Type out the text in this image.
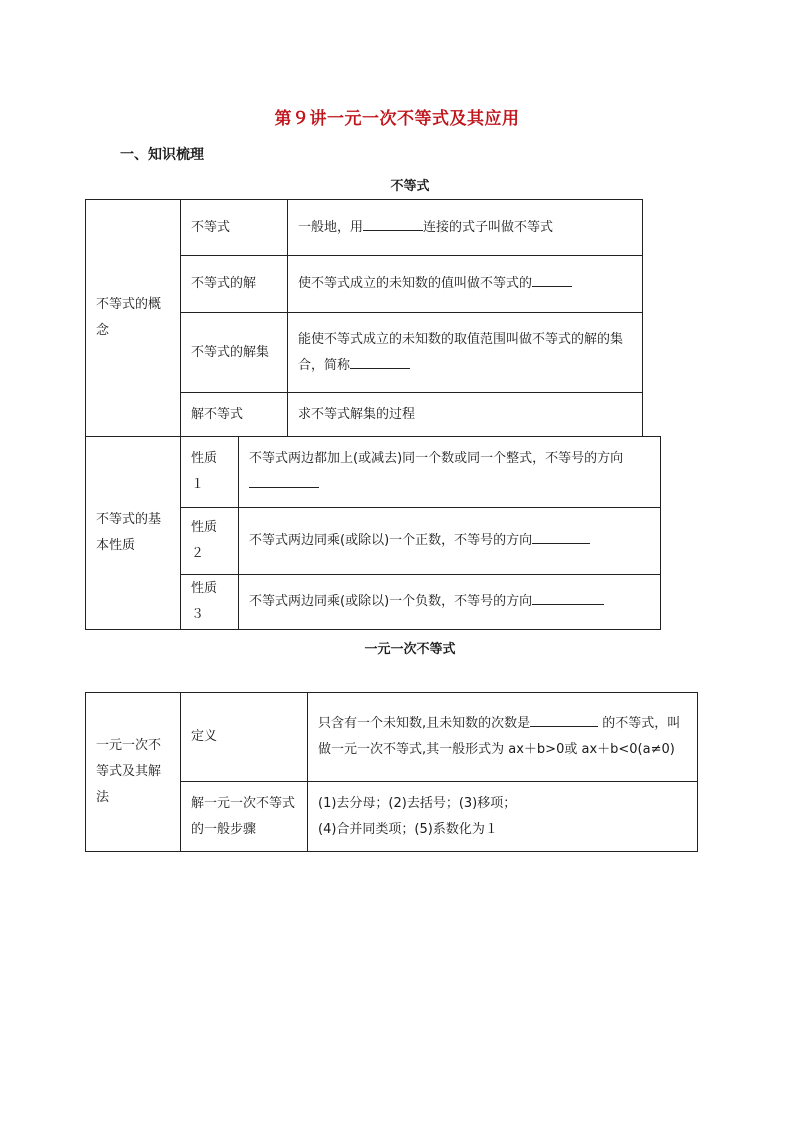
第９讲一元一次不等式及其应用
一、知识梳理
不等式
不等式的概念	不等式	一般地，用 连接的式子叫做不等式
	不等式的解	使不等式成立的未知数的值叫做不等式的
	不等式的解集	能使不等式成立的未知数的取值范围叫做不等式的解的集合，简称
	解不等式	求不等式解集的过程
不等式的基本性质	性质１	不等式两边都加上(或减去)同一个数或同一个整式，不等号的方向
	性质２	不等式两边同乘(或除以)一个正数，不等号的方向
	性质３	不等式两边同乘(或除以)一个负数，不等号的方向
一元一次不等式
一元一次不等式及其解法	定义	只含有一个未知数,且未知数的次数是 的不等式，叫做一元一次不等式,其一般形式为 ax＋b>0或 ax＋b<0(a≠0)
	解一元一次不等式的一般步骤	(1)去分母；(2)去括号；(3)移项；
(4)合并同类项；(5)系数化为１
